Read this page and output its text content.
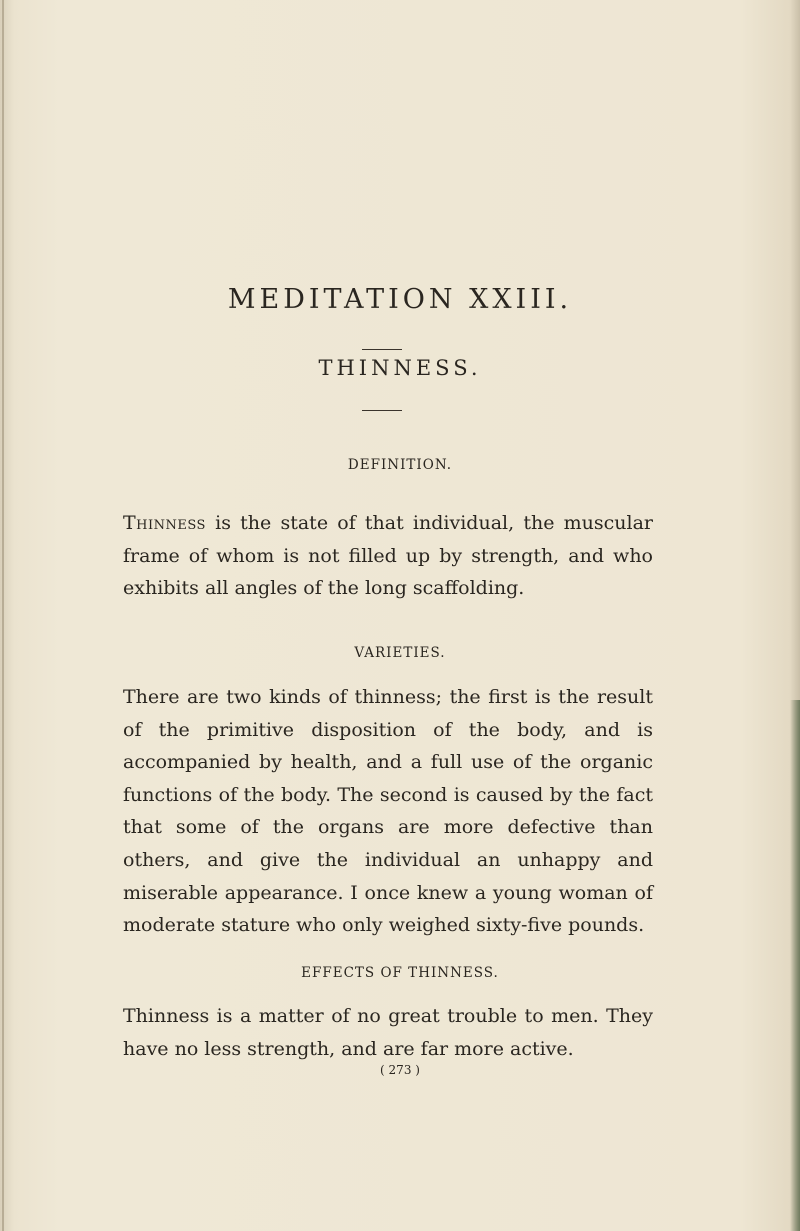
MEDITATION XXIII.
THINNESS.
DEFINITION.
Thinness is the state of that individual, the muscular frame of whom is not filled up by strength, and who exhibits all angles of the long scaffolding.
VARIETIES.
There are two kinds of thinness; the first is the result of the primitive disposition of the body, and is accompanied by health, and a full use of the organic functions of the body. The second is caused by the fact that some of the organs are more defective than others, and give the individual an unhappy and miserable appearance. I once knew a young woman of moderate stature who only weighed sixty-five pounds.
EFFECTS OF THINNESS.
Thinness is a matter of no great trouble to men. They have no less strength, and are far more active.
( 273 )
